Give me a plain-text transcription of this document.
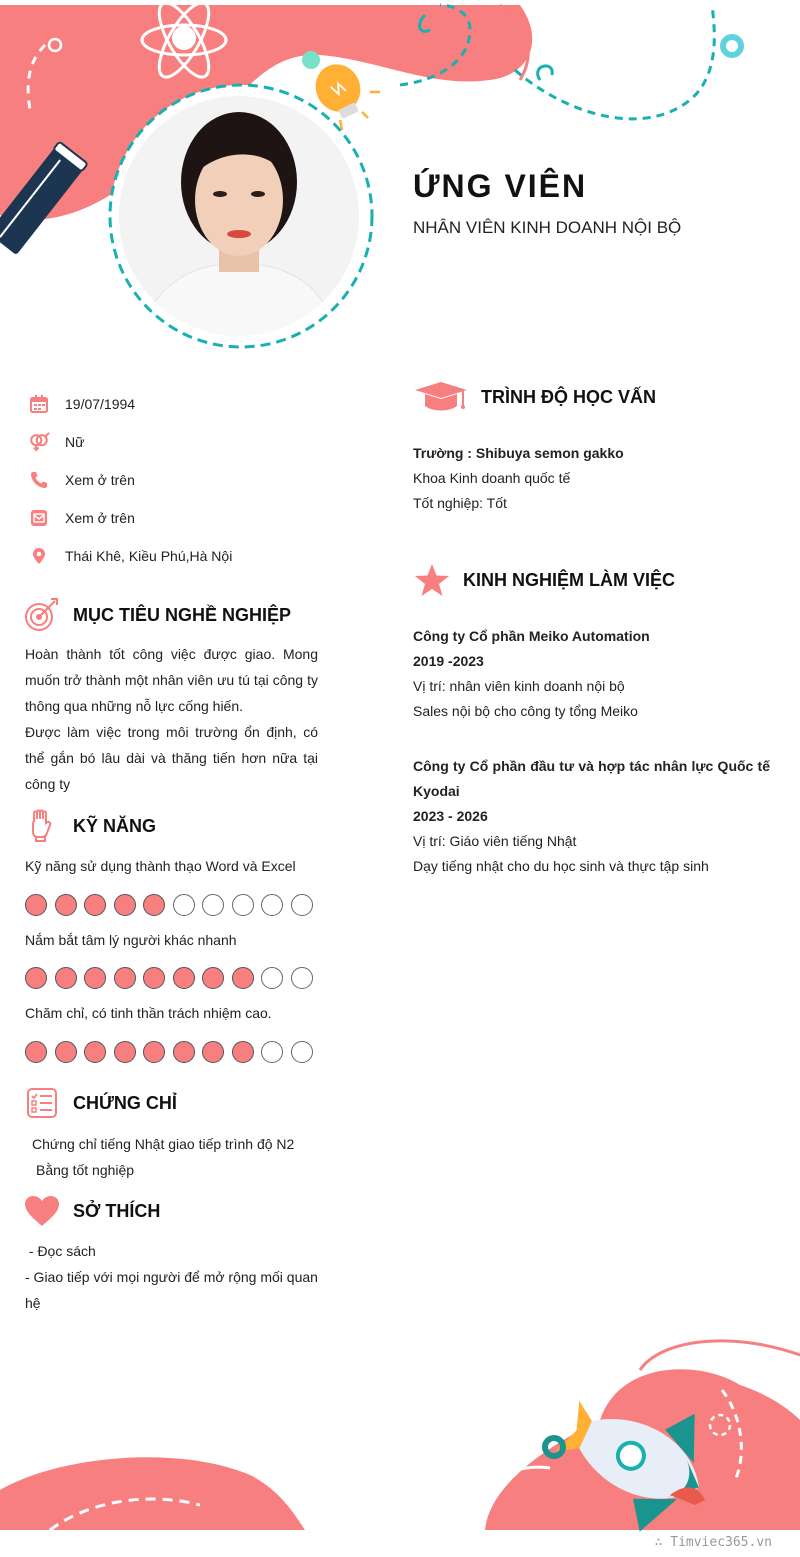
ỨNG VIÊN
NHÂN VIÊN KINH DOANH NỘI BỘ
19/07/1994
Nữ
Xem ở trên
Xem ở trên
Thái Khê, Kiều Phú,Hà Nội
MỤC TIÊU NGHỀ NGHIỆP
Hoàn thành tốt công việc được giao. Mong muốn trở thành một nhân viên ưu tú tại công ty thông qua những nỗ lực cống hiến.
Được làm việc trong môi trường ổn định, có thể gắn bó lâu dài và thăng tiến hơn nữa tại công ty
KỸ NĂNG
Kỹ năng sử dụng thành thạo Word và Excel
Nắm bắt tâm lý người khác nhanh
Chăm chỉ, có tinh thần trách nhiệm cao.
CHỨNG CHỈ
Chứng chỉ tiếng Nhật giao tiếp trình độ N2
Bằng tốt nghiệp
SỞ THÍCH
- Đọc sách
- Giao tiếp với mọi người để mở rộng mối quan hệ
TRÌNH ĐỘ HỌC VẤN
Trường : Shibuya semon gakko
Khoa Kinh doanh quốc tế
Tốt nghiệp: Tốt
KINH NGHIỆM LÀM VIỆC
Công ty Cổ phần Meiko Automation
2019 -2023
Vị trí: nhân viên kinh doanh nội bộ
Sales nội bộ cho công ty tổng Meiko
Công ty Cổ phần đầu tư và hợp tác nhân lực Quốc tế Kyodai
2023 - 2026
Vị trí: Giáo viên tiếng Nhật
Dạy tiếng nhật cho du học sinh và thực tập sinh
∴ Timviec365.vn
